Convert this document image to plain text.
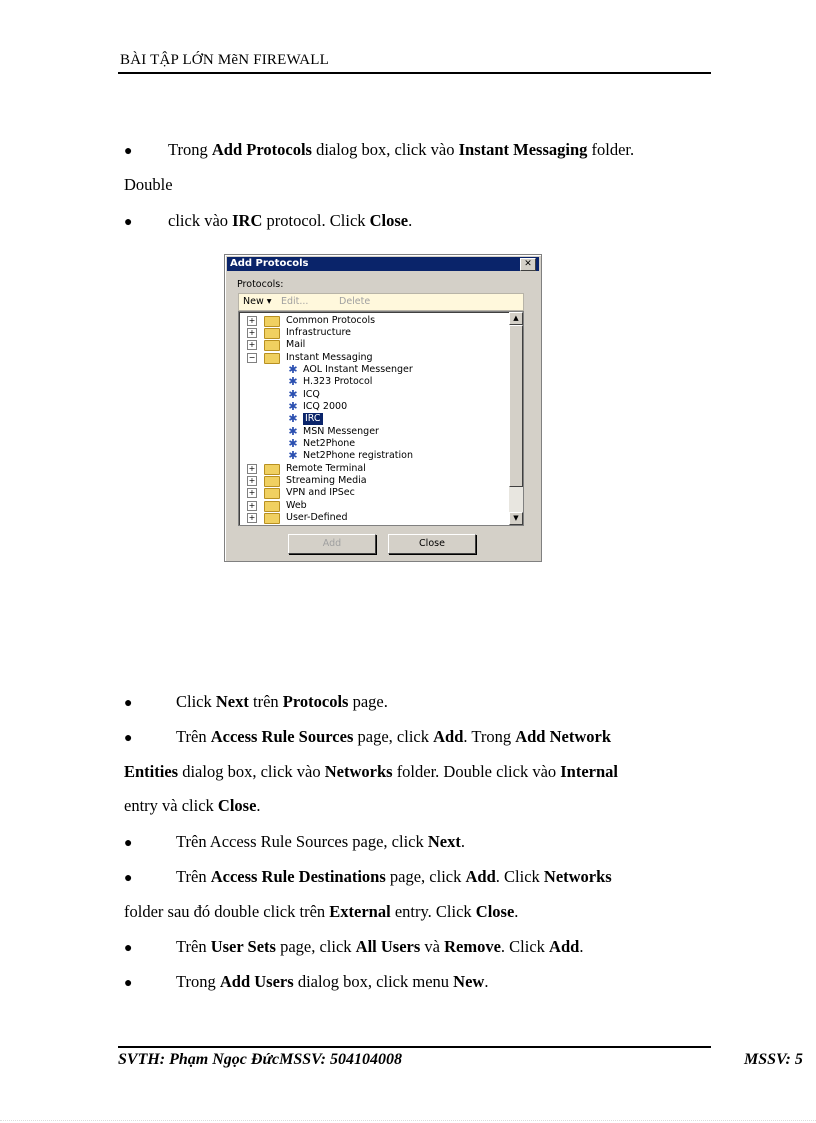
BÀI TẬP LỚN MẽN FIREWALL
● Trong Add Protocols dialog box, click vào Instant Messaging folder.
Double
● click vào IRC protocol. Click Close.
Add Protocols	✕
Protocols:
New ▾ Edit...	Delete
+	Common Protocols
+	Infrastructure
+	Mail
−	Instant Messaging
✱ AOL Instant Messenger
✱ H.323 Protocol
✱ ICQ
✱ ICQ 2000
✱ IRC
✱ MSN Messenger
✱ Net2Phone
✱ Net2Phone registration
+	Remote Terminal
+	Streaming Media
+	VPN and IPSec
+	Web
+	User-Defined
▲
▼
Add	Close
●	Click Next trên Protocols page.
●	Trên Access Rule Sources page, click Add. Trong Add Network
Entities dialog box, click vào Networks folder. Double click vào Internal
entry và click Close.
●	Trên Access Rule Sources page, click Next.
●	Trên Access Rule Destinations page, click Add. Click Networks
folder sau đó double click trên External entry. Click Close.
●	Trên User Sets page, click All Users và Remove. Click Add.
●	Trong Add Users dialog box, click menu New.
SVTH: Phạm Ngọc ĐứcMSSV: 504104008	MSSV: 5
